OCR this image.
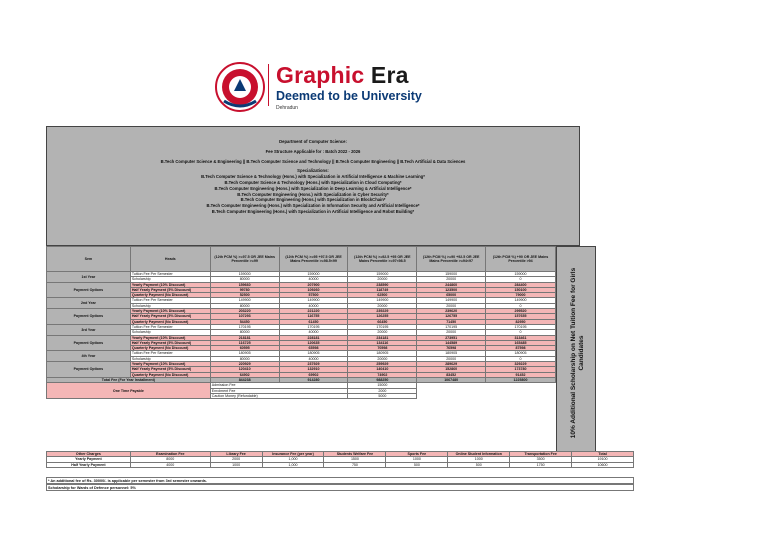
Graphic Era
Deemed to be University
Dehradun
Department of Computer Science:
Fee Structure Applicable for : Batch 2022 - 2026
B.Tech Computer Science & Engineering || B.Tech Computer Science and Technology || B.Tech Computer Engineering || B.Tech Artificial & Data Sciences
Specializations:
B.Tech Computer Science & Technology (Hons.) with Specialization in Artificial Intelligence & Machine Learning*
B.Tech Computer Science & Technology (Hons.) with Specialization in Cloud Computing*
B.Tech Computer Engineering (Hons.) with Specialization in Deep Learning & Artificial Intelligence*
B.Tech Computer Engineering (Hons.) with Specialization in Cyber Security*
B.Tech Computer Engineering (Hons.) with Specialization in BlockChain*
B.Tech Computer Engineering (Hons.) with Specialization in Information Security and Artificial Intelligence*
B.Tech Computer Engineering (Hons.) with Specialization in Artificial Intelligence and Robot Building*
10% Additional Scholarship on Net Tuition Fee for Girls Candidates
Sem	Heads	(12th PCM %) >=97.5 OR JEE Mains Percentile >=99	(12th PCM %) >=95 +97.5 OR JEE Mains Percentile >=98.5<99	(12th PCM %) >=92.5 +95 OR JEE Mains Percentile >=97<98.5	(12th PCM %) >=90 +92.5 OR JEE Mains Percentile >=94<97	(12th PCM %) +90 OR JEE Mains Percentile >94
1st Year	Tuition Fee Per Semester	159000	159000	159000	159000	159000
	Scholarship	80000	40000	20000	20000	0
Payment Options	Yearly Payment (10% Discount)	159660	207900	238590	244860	284400
	Half Yearly Payment (5% Discount)	99780	109260	118749	123500	150100
	Quarterly Payment (No Discount)	52500	57500	62500	65000	79000
2nd Year	Tuition Fee Per Semester	149900	149900	149900	149900	149900
	Scholarship	80000	40000	20000	20000	0
Payment Options	Yearly Payment (10% Discount)	203220	221220	239229	239620	299520
	Half Yearly Payment (5% Discount)	107293	116755	126255	126755	157655
	Quarterly Payment (No Discount)	54450	61450	66450	71450	82950
3rd Year	Tuition Fee Per Semester	170195	170195	170195	170195	170195
	Scholarship	80000	40000	20000	20000	0
Payment Options	Yearly Payment (10% Discount)	218181	228181	234181	273951	313461
	Half Yearly Payment (5% Discount)	116725	120635	134116	144589	165485
	Quarterly Payment (No Discount)	60595	65598	70598	76598	87598
4th Year	Tuition Fee Per Semester	180905	180905	180905	180905	180905
	Scholarship	80000	40000	20000	20000	0
Payment Options	Yearly Payment (10% Discount)	220929	237929	259929	289629	329229
	Half Yearly Payment (5% Discount)	120410	132910	140410	152860	173780
	Quarterly Payment (No Discount)	64902	69902	74902	83452	91452
Total Fee (For Year Installment)		844238	914280	988250	1067480	1225800
One Time Payable		Admission Fee		15000		
		Enrolment Fee		2000		
		Caution Money (Refundable)		5000		
Other Charges	Examination Fee	Library Fee	Insurance Fee (per year)	Students Welfare Fee	Sports Fee	Online Student Information	Transportation Fee	Total
Yearly Payment	8000	2000	1,000	1500	1000	1000	3500	19100
Half Yearly Payment	4000	1000	1,000	750	500	500	1750	10600
* An additional fee of Rs. 30000/- is applicable per semester from 3rd semester onwards.
Scholarship for Wards of Defence personnel: 5%
